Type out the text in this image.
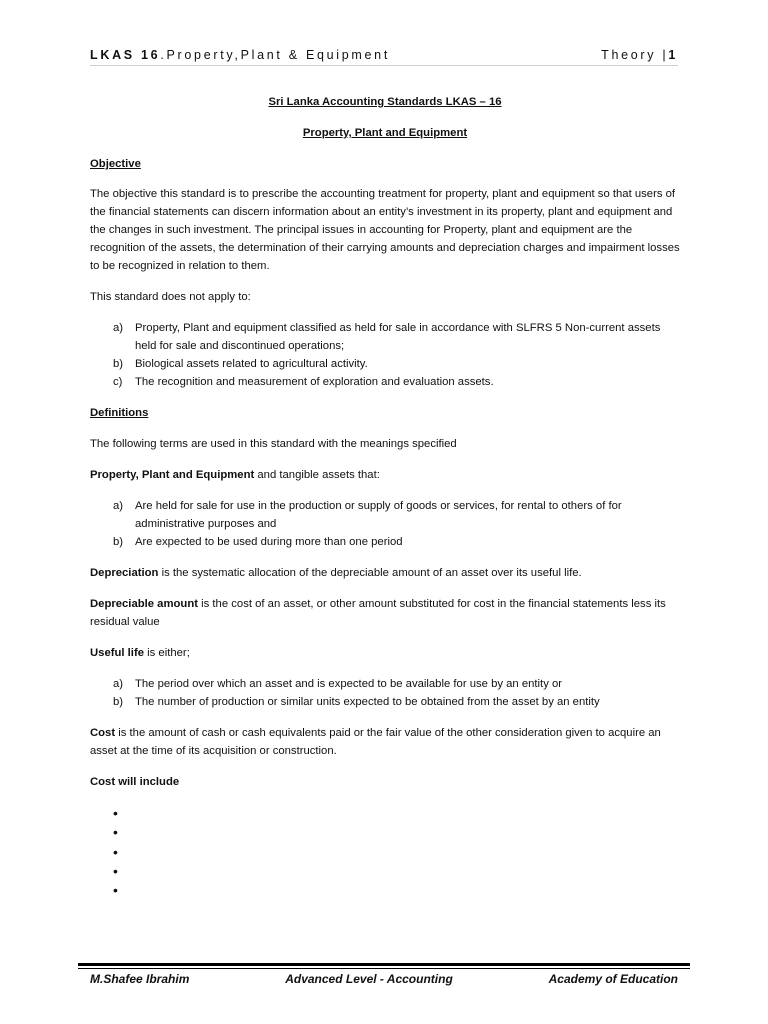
LKAS 16.Property,Plant & Equipment	Theory |1

Sri Lanka Accounting Standards LKAS – 16

Property, Plant and Equipment

Objective

The objective this standard is to prescribe the accounting treatment for property, plant and equipment so that users of the financial statements can discern information about an entity’s investment in its property, plant and equipment and the changes in such investment. The principal issues in accounting for Property, plant and equipment are the recognition of the assets, the determination of their carrying amounts and depreciation charges and impairment losses to be recognized in relation to them.

This standard does not apply to:

a) Property, Plant and equipment classified as held for sale in accordance with SLFRS 5 Non-current assets held for sale and discontinued operations;
b) Biological assets related to agricultural activity.
c) The recognition and measurement of exploration and evaluation assets.

Definitions

The following terms are used in this standard with the meanings specified

Property, Plant and Equipment and tangible assets that:

a) Are held for sale for use in the production or supply of goods or services, for rental to others of for administrative purposes and
b) Are expected to be used during more than one period

Depreciation is the systematic allocation of the depreciable amount of an asset over its useful life.

Depreciable amount is the cost of an asset, or other amount substituted for cost in the financial statements less its residual value

Useful life is either;

a) The period over which an asset and is expected to be available for use by an entity or
b) The number of production or similar units expected to be obtained from the asset by an entity

Cost is the amount of cash or cash equivalents paid or the fair value of the other consideration given to acquire an asset at the time of its acquisition or construction.

Cost will include

•
•
•
•
•
M.Shafee Ibrahim	Advanced Level - Accounting	Academy of Education
